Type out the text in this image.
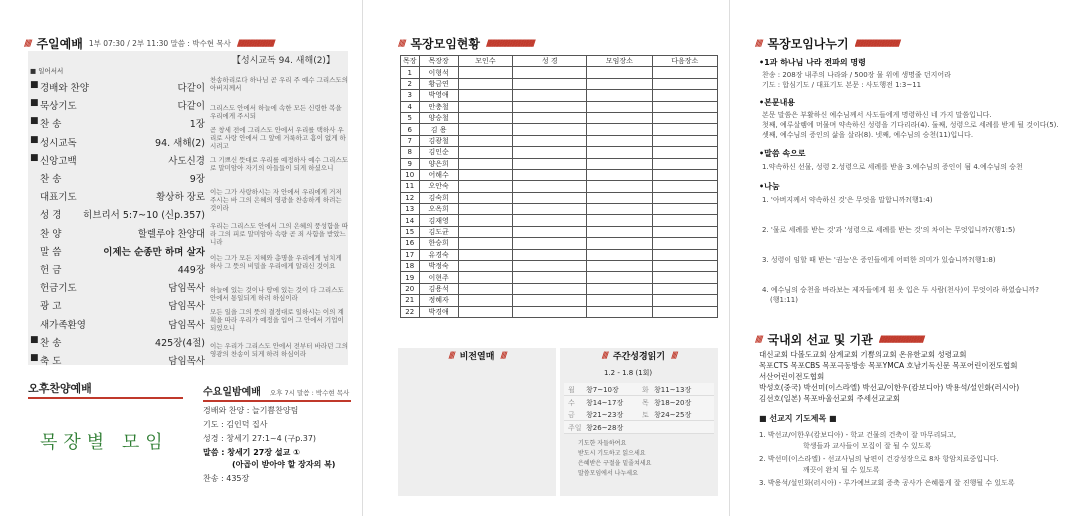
///// 주일예배 1부 07:30 / 2부 11:30 말씀 : 박수현 목사 //////////////////////////////////////////////
【성시교독 94. 새해(2)】
■ 일어서서
■ 경배와 찬양	다같이
■ 묵상기도	다같이
■ 찬 송	1장
■ 성시교독	94. 새해(2)
■ 신앙고백	사도신경
찬 송	9장
대표기도	황상하 장로
성 경 히브리서 5:7~10 (신p.357)
찬 양	할렐루야 찬양대
말 씀	이제는 순종만 하며 살자
헌 금	449장
헌금기도	담임목사
광 고	담임목사
새가족환영	담임목사
■ 찬 송	425장(4절)
■ 축 도	담임목사
찬송하리로다 하나님 곧 우리 주 예수 그리스도의 아버지께서
그리스도 안에서 하늘에 속한 모든 신령한 복을 우리에게 주시되
곧 창세 전에 그리스도 안에서 우리를 택하사 우리로 사랑 안에서 그 앞에 거룩하고 흠이 없게 하시려고
그 기쁘신 뜻대로 우리를 예정하사 예수 그리스도로 말미암아 자기의 아들들이 되게 하셨으니
이는 그가 사랑하시는 자 안에서 우리에게 거저 주시는 바 그의 은혜의 영광을 찬송하게 하려는 것이라
우리는 그리스도 안에서 그의 은혜의 풍성함을 따라 그의 피로 말미암아 속량 곧 죄 사함을 받았느니라
이는 그가 모든 지혜와 총명을 우리에게 넘치게 하사 그 뜻의 비밀을 우리에게 알리신 것이요
하늘에 있는 것이나 땅에 있는 것이 다 그리스도 안에서 통일되게 하려 하심이라
모든 일을 그의 뜻의 결정대로 일하시는 이의 계획을 따라 우리가 예정을 입어 그 안에서 기업이 되었으니
이는 우리가 그리스도 안에서 전부터 바라던 그의 영광의 찬송이 되게 하려 하심이라
오후찬양예배
목장별 모임
수요일밤예배 오후 7시 말씀 : 박수현 목사
경배와 찬양 : 늘기쁨찬양팀
기도 : 김인덕 집사
성경 : 창세기 27:1~4 (구p.37)
말씀 : 창세기 27장 설교 ①
(아곱이 받아야 할 장자의 복)
찬송 : 435장
///// 목장모임현황 ////////////////////////////////////////////////////////////
목장	목장장	모인수	성 경	모임장소	다음장소
1	이형석				
2	황금연				
3	박영애				
4	안충철				
5	양승철				
6	김 용				
7	김광철				
8	김인순				
9	양은희				
10	어해수				
11	오안숙				
12	김숙희				
13	오옥희				
14	김재영				
15	김도균				
16	한승희				
17	유경숙				
18	박정숙				
19	이현주				
20	김용석				
21	정혜자				
22	박경애				
//// 비전열매 ////	//// 주간성경읽기 ////
1.2 - 1.8 (1회)
월 창7~10장	화 창11~13장
수 창14~17장	목 창18~20장
금 창21~23장	토 창24~25장
주일 창26~28장
기도한 자들하여요
받도시 기도하고 읽으세요
은혜받은 구절을 밑줄쳐세요
말씀모임에서 나누세요
///// 목장모임나누기 ////////////////////////////////////////////////////////
•1과 하나님 나라 전파의 명령
찬송 : 208장 내주의 나라와 / 500장 물 위에 생명줄 던지어라
기도 : 합심기도 / 대표기도 본문 : 사도행전 1:3~11
•본문내용
본문 말씀은 부활하신 예수님께서 사도들에게 명령하신 네 가지 말씀입니다.
첫째, 예루살렘에 머물며 약속하신 성령을 기다리라(4). 둘째, 성령으로 세례를 받게 될 것이다(5).
셋째, 예수님의 증인의 삶을 살라(8). 넷째, 예수님의 승천(11)입니다.
•말씀 속으로
1.약속하신 선물, 성령 2.성령으로 세례를 받음 3.예수님의 증인이 됨 4.예수님의 승천
•나눔
1. '아버지께서 약속하신 것'은 무엇을 말합니까?(행1:4)
2. '물로 세례를 받는 것'과 '성령으로 세례를 받는 것'의 차이는 무엇입니까?(행1:5)
3. 성령이 임할 때 받는 '권능'은 증인들에게 어떠한 의미가 있습니까?(행1:8)
4. 예수님의 승천을 바라보는 제자들에게 흰 옷 입은 두 사람(천사)이 무엇이라 하였습니까?
(행1:11)
///// 국내외 선교 및 기관 ////////////////////////////////////////////////////////
대신교회 다볼도교회 삼계교회 기쁨의교회 온유한교회 성령교회
목포CTS 목포CBS 목포극동방송 목포YMCA 호남기독신문 목포어린이전도협회
서산어린이전도협회
박성호(중국) 박선미(이스라엘) 박선교/이한우(캄보디아) 박용석/설인화(러시아)
김선호(일본) 목포바울선교회 주세선교교회
■ 선교지 기도제목 ■
1. 박선교/이한우(캄보디아) - 학교 건물의 건축이 잘 마무리되고,
학생들과 교사들이 모집이 잘 될 수 있도록
2. 박선미(이스라엘) - 선교사님의 남편이 건강성장으로 8차 항암치료중입니다.
깨끗이 완치 될 수 있도록
3. 박용석/설인화(러시아) - 루가예브교회 증축 공사가 은혜롭게 잘 진행될 수 있도록
